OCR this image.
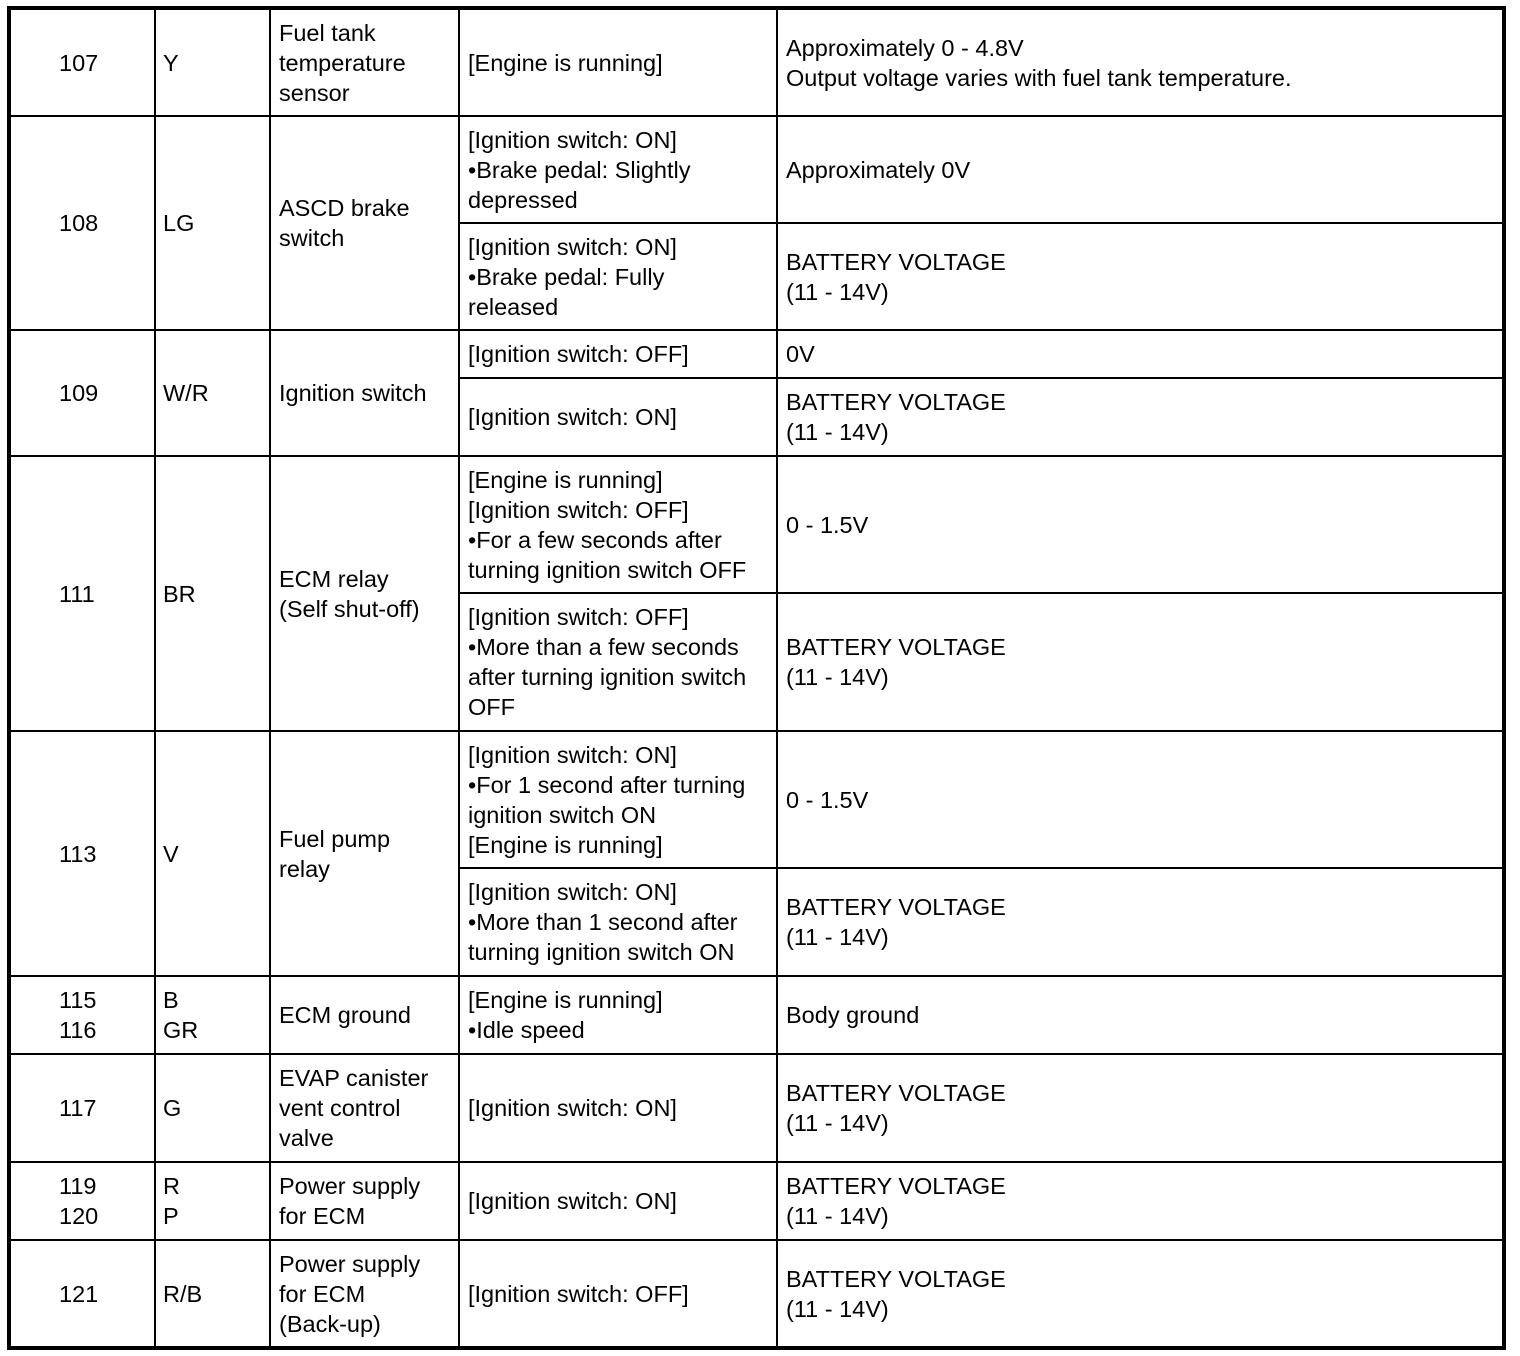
107	Y	Fuel tank
temperature
sensor	[Engine is running]	Approximately 0 - 4.8V
Output voltage varies with fuel tank temperature.
108	LG	ASCD brake
switch	[Ignition switch: ON]
•Brake pedal: Slightly
depressed	Approximately 0V
			[Ignition switch: ON]
•Brake pedal: Fully
released	BATTERY VOLTAGE
(11 - 14V)
109	W/R	Ignition switch	[Ignition switch: OFF]	0V
			[Ignition switch: ON]	BATTERY VOLTAGE
(11 - 14V)
111	BR	ECM relay
(Self shut-off)	[Engine is running]
[Ignition switch: OFF]
•For a few seconds after
turning ignition switch OFF	0 - 1.5V
			[Ignition switch: OFF]
•More than a few seconds
after turning ignition switch
OFF	BATTERY VOLTAGE
(11 - 14V)
113	V	Fuel pump
relay	[Ignition switch: ON]
•For 1 second after turning
ignition switch ON
[Engine is running]	0 - 1.5V
			[Ignition switch: ON]
•More than 1 second after
turning ignition switch ON	BATTERY VOLTAGE
(11 - 14V)
115
116	B
GR	ECM ground	[Engine is running]
•Idle speed	Body ground
117	G	EVAP canister
vent control
valve	[Ignition switch: ON]	BATTERY VOLTAGE
(11 - 14V)
119
120	R
P	Power supply
for ECM	[Ignition switch: ON]	BATTERY VOLTAGE
(11 - 14V)
121	R/B	Power supply
for ECM
(Back-up)	[Ignition switch: OFF]	BATTERY VOLTAGE
(11 - 14V)
